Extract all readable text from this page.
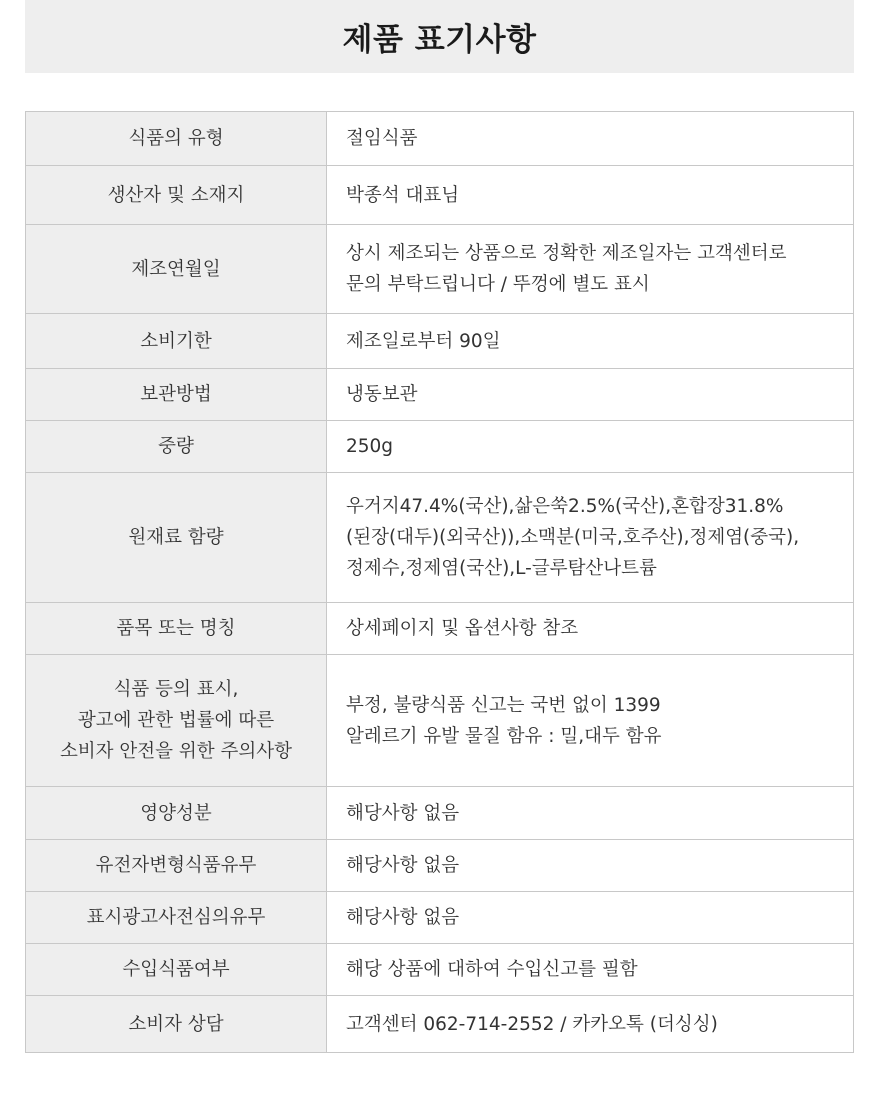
제품 표기사항
식품의 유형	절임식품

생산자 및 소재지	박종석 대표님

제조연월일	상시 제조되는 상품으로 정확한 제조일자는 고객센터로
문의 부탁드립니다 / 뚜껑에 별도 표시

소비기한	제조일로부터 90일

보관방법	냉동보관

중량	250g

원재료 함량	우거지47.4%(국산),삶은쑥2.5%(국산),혼합장31.8%
(된장(대두)(외국산)),소맥분(미국,호주산),정제염(중국),
정제수,정제염(국산),L-글루탐산나트륨

품목 또는 명칭	상세페이지 및 옵션사항 참조

식품 등의 표시,
광고에 관한 법률에 따른
소비자 안전을 위한 주의사항	부정, 불량식품 신고는 국번 없이 1399
알레르기 유발 물질 함유 : 밀,대두 함유

영양성분	해당사항 없음

유전자변형식품유무	해당사항 없음

표시광고사전심의유무	해당사항 없음

수입식품여부	해당 상품에 대하여 수입신고를 필함

소비자 상담	고객센터 062-714-2552 / 카카오톡 (더싱싱)
